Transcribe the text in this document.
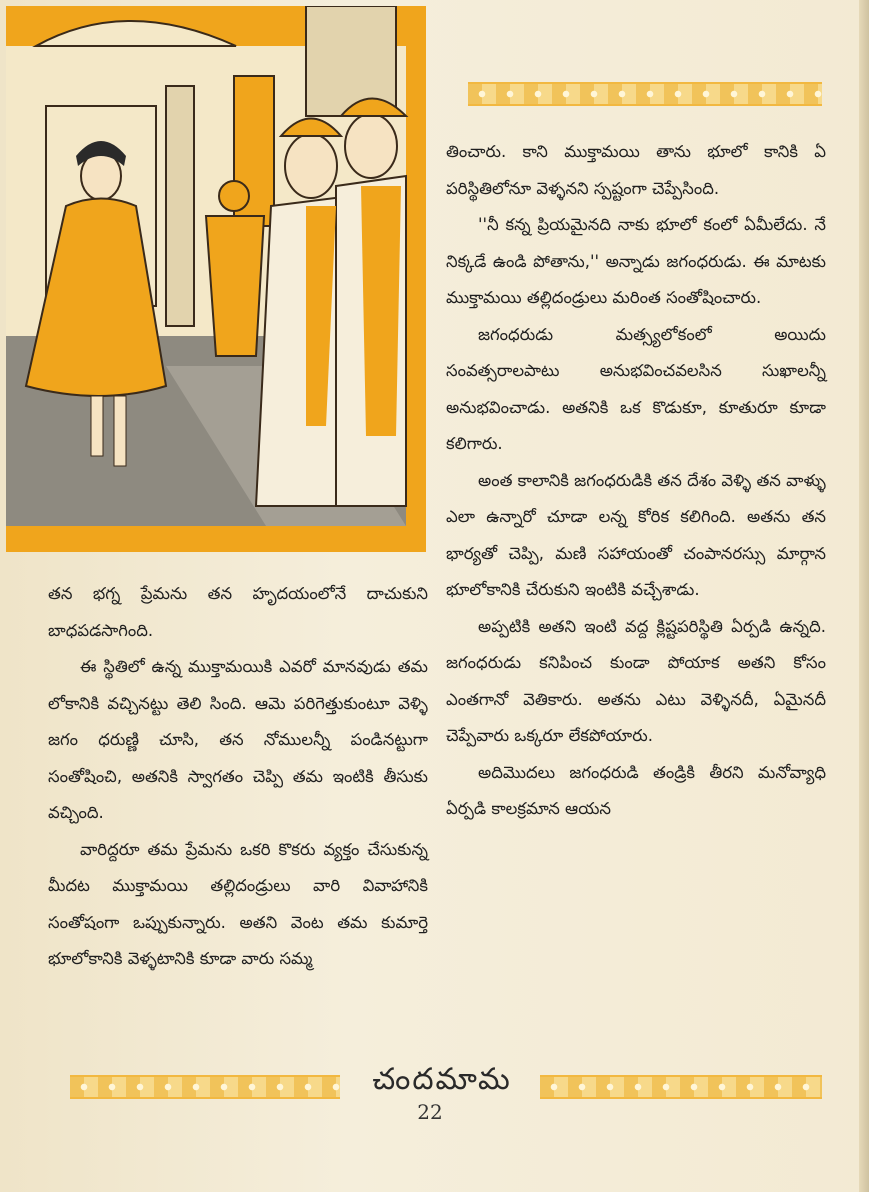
తించారు. కాని ముక్తామయి తాను భూలో కానికి ఏ పరిస్థితిలోనూ వెళ్ళనని స్పష్టంగా చెప్పేసింది.

''నీ కన్న ప్రియమైనది నాకు భూలో కంలో ఏమీలేదు. నే నిక్కడే ఉండి పోతాను,'' అన్నాడు జగంధరుడు. ఈ మాటకు ముక్తామయి తల్లిదండ్రులు మరింత సంతోషించారు.

జగంధరుడు మత్స్యలోకంలో అయిదు సంవత్సరాలపాటు అనుభవించవలసిన సుఖాలన్నీ అనుభవించాడు. అతనికి ఒక కొడుకూ, కూతురూ కూడా కలిగారు.

అంత కాలానికి జగంధరుడికి తన దేశం వెళ్ళి తన వాళ్ళు ఎలా ఉన్నారో చూడా లన్న కోరిక కలిగింది. అతను తన భార్యతో చెప్పి, మణి సహాయంతో చంపానరస్సు మార్గాన భూలోకానికి చేరుకుని ఇంటికి వచ్చేశాడు.

అప్పటికి అతని ఇంటి వద్ద క్లిష్టపరిస్థితి ఏర్పడి ఉన్నది. జగంధరుడు కనిపించ కుండా పోయాక అతని కోసం ఎంతగానో వెతికారు. అతను ఎటు వెళ్ళినదీ, ఏమైనదీ చెప్పేవారు ఒక్కరూ లేకపోయారు.

అదిమొదలు జగంధరుడి తండ్రికి తీరని మనోవ్యాధి ఏర్పడి కాలక్రమాన ఆయన

తన భగ్న ప్రేమను తన హృదయంలోనే దాచుకుని బాధపడసాగింది.

ఈ స్థితిలో ఉన్న ముక్తామయికి ఎవరో మానవుడు తమ లోకానికి వచ్చినట్టు తెలి సింది. ఆమె పరిగెత్తుకుంటూ వెళ్ళి జగం ధరుణ్ణి చూసి, తన నోములన్నీ పండినట్టుగా సంతోషించి, అతనికి స్వాగతం చెప్పి తమ ఇంటికి తీసుకు వచ్చింది.

వారిద్దరూ తమ ప్రేమను ఒకరి కొకరు వ్యక్తం చేసుకున్న మీదట ముక్తామయి తల్లిదండ్రులు వారి వివాహానికి సంతోషంగా ఒప్పుకున్నారు. అతని వెంట తమ కుమార్తె భూలోకానికి వెళ్ళటానికి కూడా వారు సమ్మ

చందమామ
22
